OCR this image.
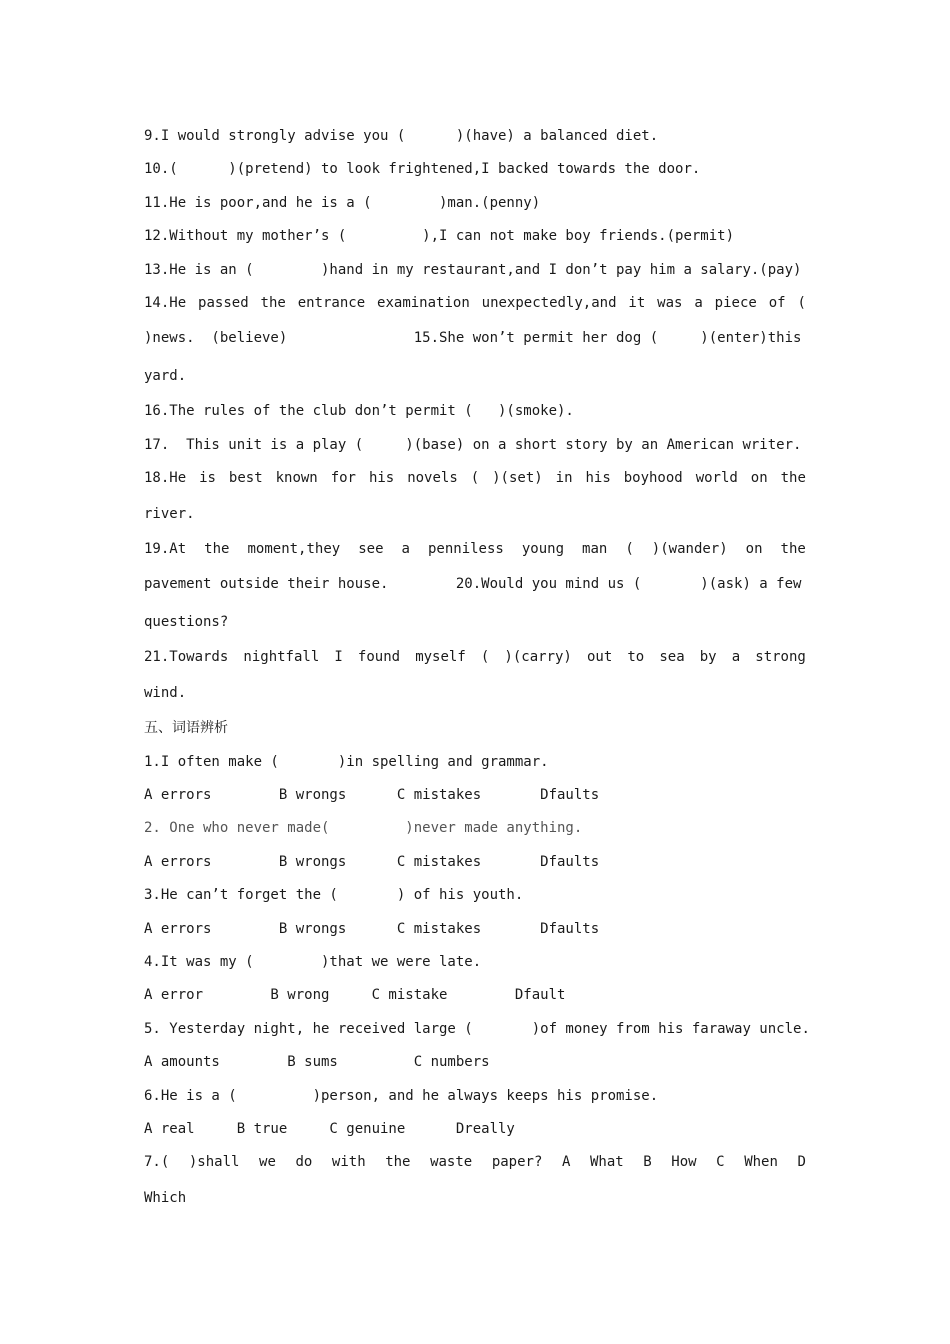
9.I would strongly advise you (      )(have) a balanced diet.
10.(      )(pretend) to look frightened,I backed towards the door.
11.He is poor,and he is a (        )man.(penny)
12.Without my mother’s (         ),I can not make boy friends.(permit)
13.He is an (        )hand in my restaurant,and I don’t pay him a salary.(pay)
14.He passed the entrance examination unexpectedly,and it was a piece of (
)news.  (believe)               15.She won’t permit her dog (     )(enter)this
yard.
16.The rules of the club don’t permit (   )(smoke).
17.  This unit is a play (     )(base) on a short story by an American writer.
18.He is best known for his novels ( )(set) in his boyhood world on the
river.
19.At the moment,they see a penniless young man ( )(wander) on the
pavement outside their house.        20.Would you mind us (       )(ask) a few
questions?
21.Towards nightfall I found myself ( )(carry) out to sea by a strong
wind.
五、词语辨析
1.I often make (       )in spelling and grammar.
A errors        B wrongs      C mistakes       Dfaults
2. One who never made(         )never made anything.
A errors        B wrongs      C mistakes       Dfaults
3.He can’t forget the (       ) of his youth.
A errors        B wrongs      C mistakes       Dfaults
4.It was my (        )that we were late.
A error        B wrong     C mistake        Dfault
5. Yesterday night, he received large (       )of money from his faraway uncle.
A amounts        B sums         C numbers
6.He is a (         )person, and he always keeps his promise.
A real     B true     C genuine      Dreally
7.( )shall we do with the waste paper? A What B How C When D
Which
